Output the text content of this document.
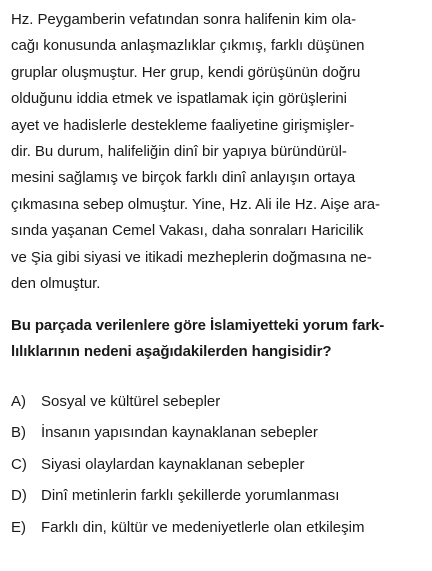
Hz. Peygamberin vefatından sonra halifenin kim ola-
cağı konusunda anlaşmazlıklar çıkmış, farklı düşünen
gruplar oluşmuştur. Her grup, kendi görüşünün doğru
olduğunu iddia etmek ve ispatlamak için görüşlerini
ayet ve hadislerle destekleme faaliyetine girişmişler-
dir. Bu durum, halifeliğin dinî bir yapıya büründürül-
mesini sağlamış ve birçok farklı dinî anlayışın ortaya
çıkmasına sebep olmuştur. Yine, Hz. Ali ile Hz. Aişe ara-
sında yaşanan Cemel Vakası, daha sonraları Haricilik
ve Şia gibi siyasi ve itikadi mezheplerin doğmasına ne-
den olmuştur.
Bu parçada verilenlere göre İslamiyetteki yorum fark-
lılıklarının nedeni aşağıdakilerden hangisidir?
A)	Sosyal ve kültürel sebepler
B)	İnsanın yapısından kaynaklanan sebepler
C) Siyasi olaylardan kaynaklanan sebepler
D) Dinî metinlerin farklı şekillerde yorumlanması
E)	Farklı din, kültür ve medeniyetlerle olan etkileşim
